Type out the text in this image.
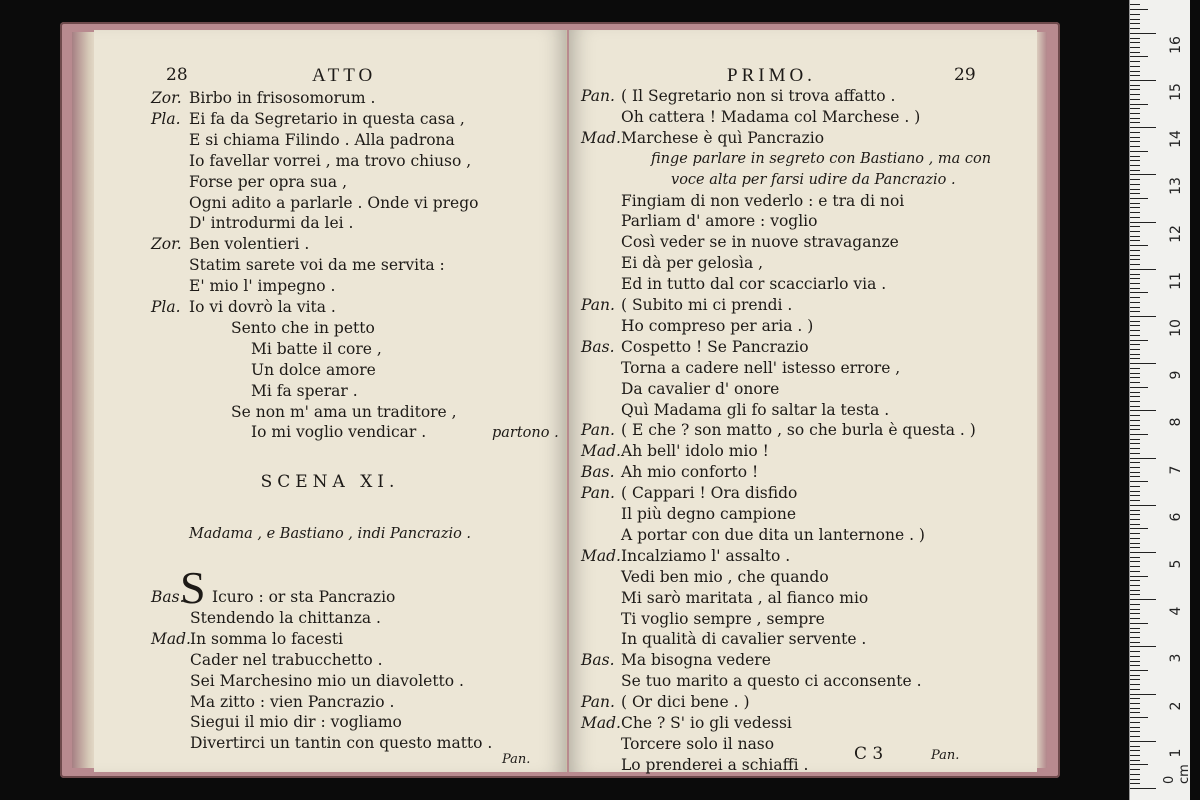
28	ATTO
Zor. Birbo in frisosomorum .
Pla. Ei fa da Segretario in questa casa ,
E si chiama Filindo . Alla padrona
Io favellar vorrei , ma trovo chiuso ,
Forse per opra sua ,
Ogni adito a parlarle . Onde vi prego
D' introdurmi da lei .
Zor. Ben volentieri .
Statim sarete voi da me servita :
E' mio l' impegno .
Pla. Io vi dovrò la vita .
Sento che in petto
Mi batte il core ,
Un dolce amore
Mi fa sperar .
Se non m' ama un traditore ,
Io mi voglio vendicar .	partono .
SCENA XI.
Madama , e Bastiano , indi Pancrazio .
Bas.
S Icuro : or sta Pancrazio
Stendendo la chittanza .
Mad. In somma lo facesti
Cader nel trabucchetto .
Sei Marchesino mio un diavoletto .
Ma zitto : vien Pancrazio .
Siegui il mio dir : vogliamo
Divertirci un tantin con questo matto .
Pan.
PRIMO.	29
Pan. ( Il Segretario non si trova affatto .
Oh cattera ! Madama col Marchese . )
Mad. Marchese è quì Pancrazio
finge parlare in segreto con Bastiano , ma con
voce alta per farsi udire da Pancrazio .
Fingiam di non vederlo : e tra di noi
Parliam d' amore : voglio
Così veder se in nuove stravaganze
Ei dà per gelosìa ,
Ed in tutto dal cor scacciarlo via .
Pan. ( Subito mi ci prendi .
Ho compreso per aria . )
Bas. Cospetto ! Se Pancrazio
Torna a cadere nell' istesso errore ,
Da cavalier d' onore
Quì Madama gli fo saltar la testa .
Pan. ( E che ? son matto , so che burla è questa . )
Mad. Ah bell' idolo mio !
Bas. Ah mio conforto !
Pan. ( Cappari ! Ora disfido
Il più degno campione
A portar con due dita un lanternone . )
Mad. Incalziamo l' assalto .
Vedi ben mio , che quando
Mi sarò maritata , al fianco mio
Ti voglio sempre , sempre
In qualità di cavalier servente .
Bas. Ma bisogna vedere
Se tuo marito a questo ci acconsente .
Pan. ( Or dici bene . )
Mad. Che ? S' io gli vedessi
Torcere solo il naso
Lo prenderei a schiaffi .
C 3	Pan.
0 cm
16
15
14
13
12
11
10
9
8
7
6
5
4
3
2
1
